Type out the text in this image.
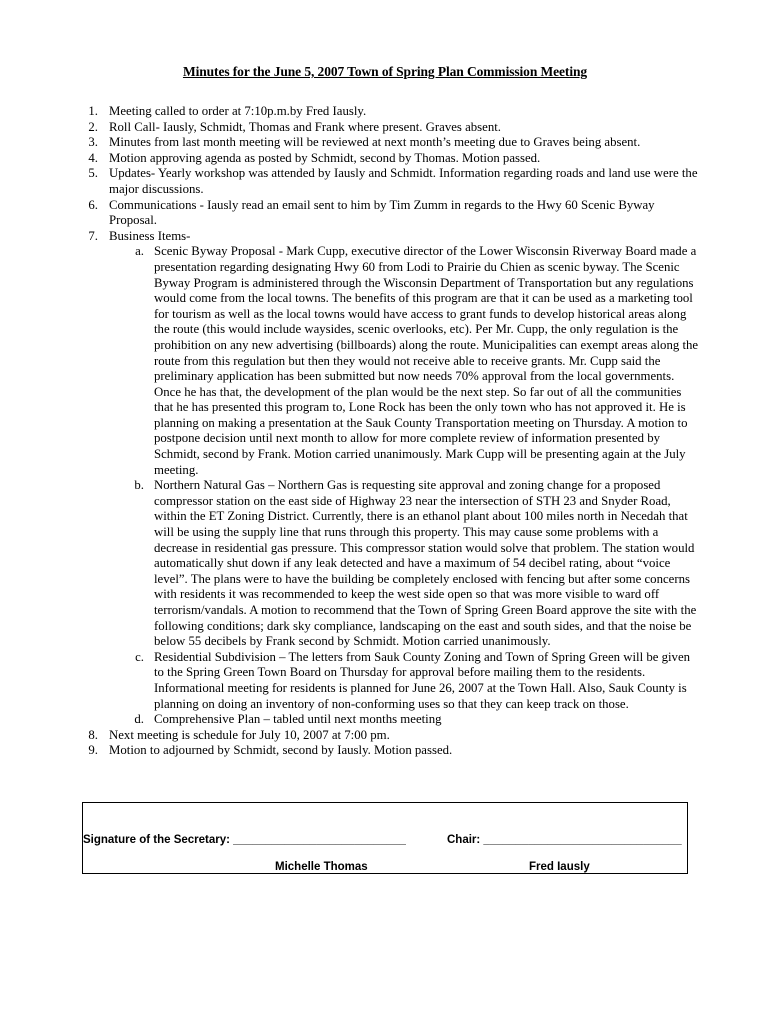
Minutes for the June 5, 2007 Town of Spring Plan Commission Meeting
1. Meeting called to order at 7:10p.m.by Fred Iausly.
2. Roll Call- Iausly, Schmidt, Thomas and Frank where present. Graves absent.
3. Minutes from last month meeting will be reviewed at next month’s meeting due to Graves being absent.
4. Motion approving agenda as posted by Schmidt, second by Thomas. Motion passed.
5. Updates- Yearly workshop was attended by Iausly and Schmidt. Information regarding roads and land use were the major discussions.
6. Communications - Iausly read an email sent to him by Tim Zumm in regards to the Hwy 60 Scenic Byway Proposal.
7. Business Items-
a. Scenic Byway Proposal - Mark Cupp, executive director of the Lower Wisconsin Riverway Board made a presentation regarding designating Hwy 60 from Lodi to Prairie du Chien as scenic byway. The Scenic Byway Program is administered through the Wisconsin Department of Transportation but any regulations would come from the local towns. The benefits of this program are that it can be used as a marketing tool for tourism as well as the local towns would have access to grant funds to develop historical areas along the route (this would include waysides, scenic overlooks, etc). Per Mr. Cupp, the only regulation is the prohibition on any new advertising (billboards) along the route. Municipalities can exempt areas along the route from this regulation but then they would not receive able to receive grants. Mr. Cupp said the preliminary application has been submitted but now needs 70% approval from the local governments. Once he has that, the development of the plan would be the next step. So far out of all the communities that he has presented this program to, Lone Rock has been the only town who has not approved it. He is planning on making a presentation at the Sauk County Transportation meeting on Thursday. A motion to postpone decision until next month to allow for more complete review of information presented by Schmidt, second by Frank. Motion carried unanimously. Mark Cupp will be presenting again at the July meeting.
b. Northern Natural Gas – Northern Gas is requesting site approval and zoning change for a proposed compressor station on the east side of Highway 23 near the intersection of STH 23 and Snyder Road, within the ET Zoning District. Currently, there is an ethanol plant about 100 miles north in Necedah that will be using the supply line that runs through this property. This may cause some problems with a decrease in residential gas pressure. This compressor station would solve that problem. The station would automatically shut down if any leak detected and have a maximum of 54 decibel rating, about “voice level”. The plans were to have the building be completely enclosed with fencing but after some concerns with residents it was recommended to keep the west side open so that was more visible to ward off terrorism/vandals. A motion to recommend that the Town of Spring Green Board approve the site with the following conditions; dark sky compliance, landscaping on the east and south sides, and that the noise be below 55 decibels by Frank second by Schmidt. Motion carried unanimously.
c. Residential Subdivision – The letters from Sauk County Zoning and Town of Spring Green will be given to the Spring Green Town Board on Thursday for approval before mailing them to the residents. Informational meeting for residents is planned for June 26, 2007 at the Town Hall. Also, Sauk County is planning on doing an inventory of non-conforming uses so that they can keep track on those.
d. Comprehensive Plan – tabled until next months meeting
8. Next meeting is schedule for July 10, 2007 at 7:00 pm.
9. Motion to adjourned by Schmidt, second by Iausly. Motion passed.
Signature of the Secretary: ___________________________	Chair: _______________________________
Michelle Thomas	Fred Iausly
